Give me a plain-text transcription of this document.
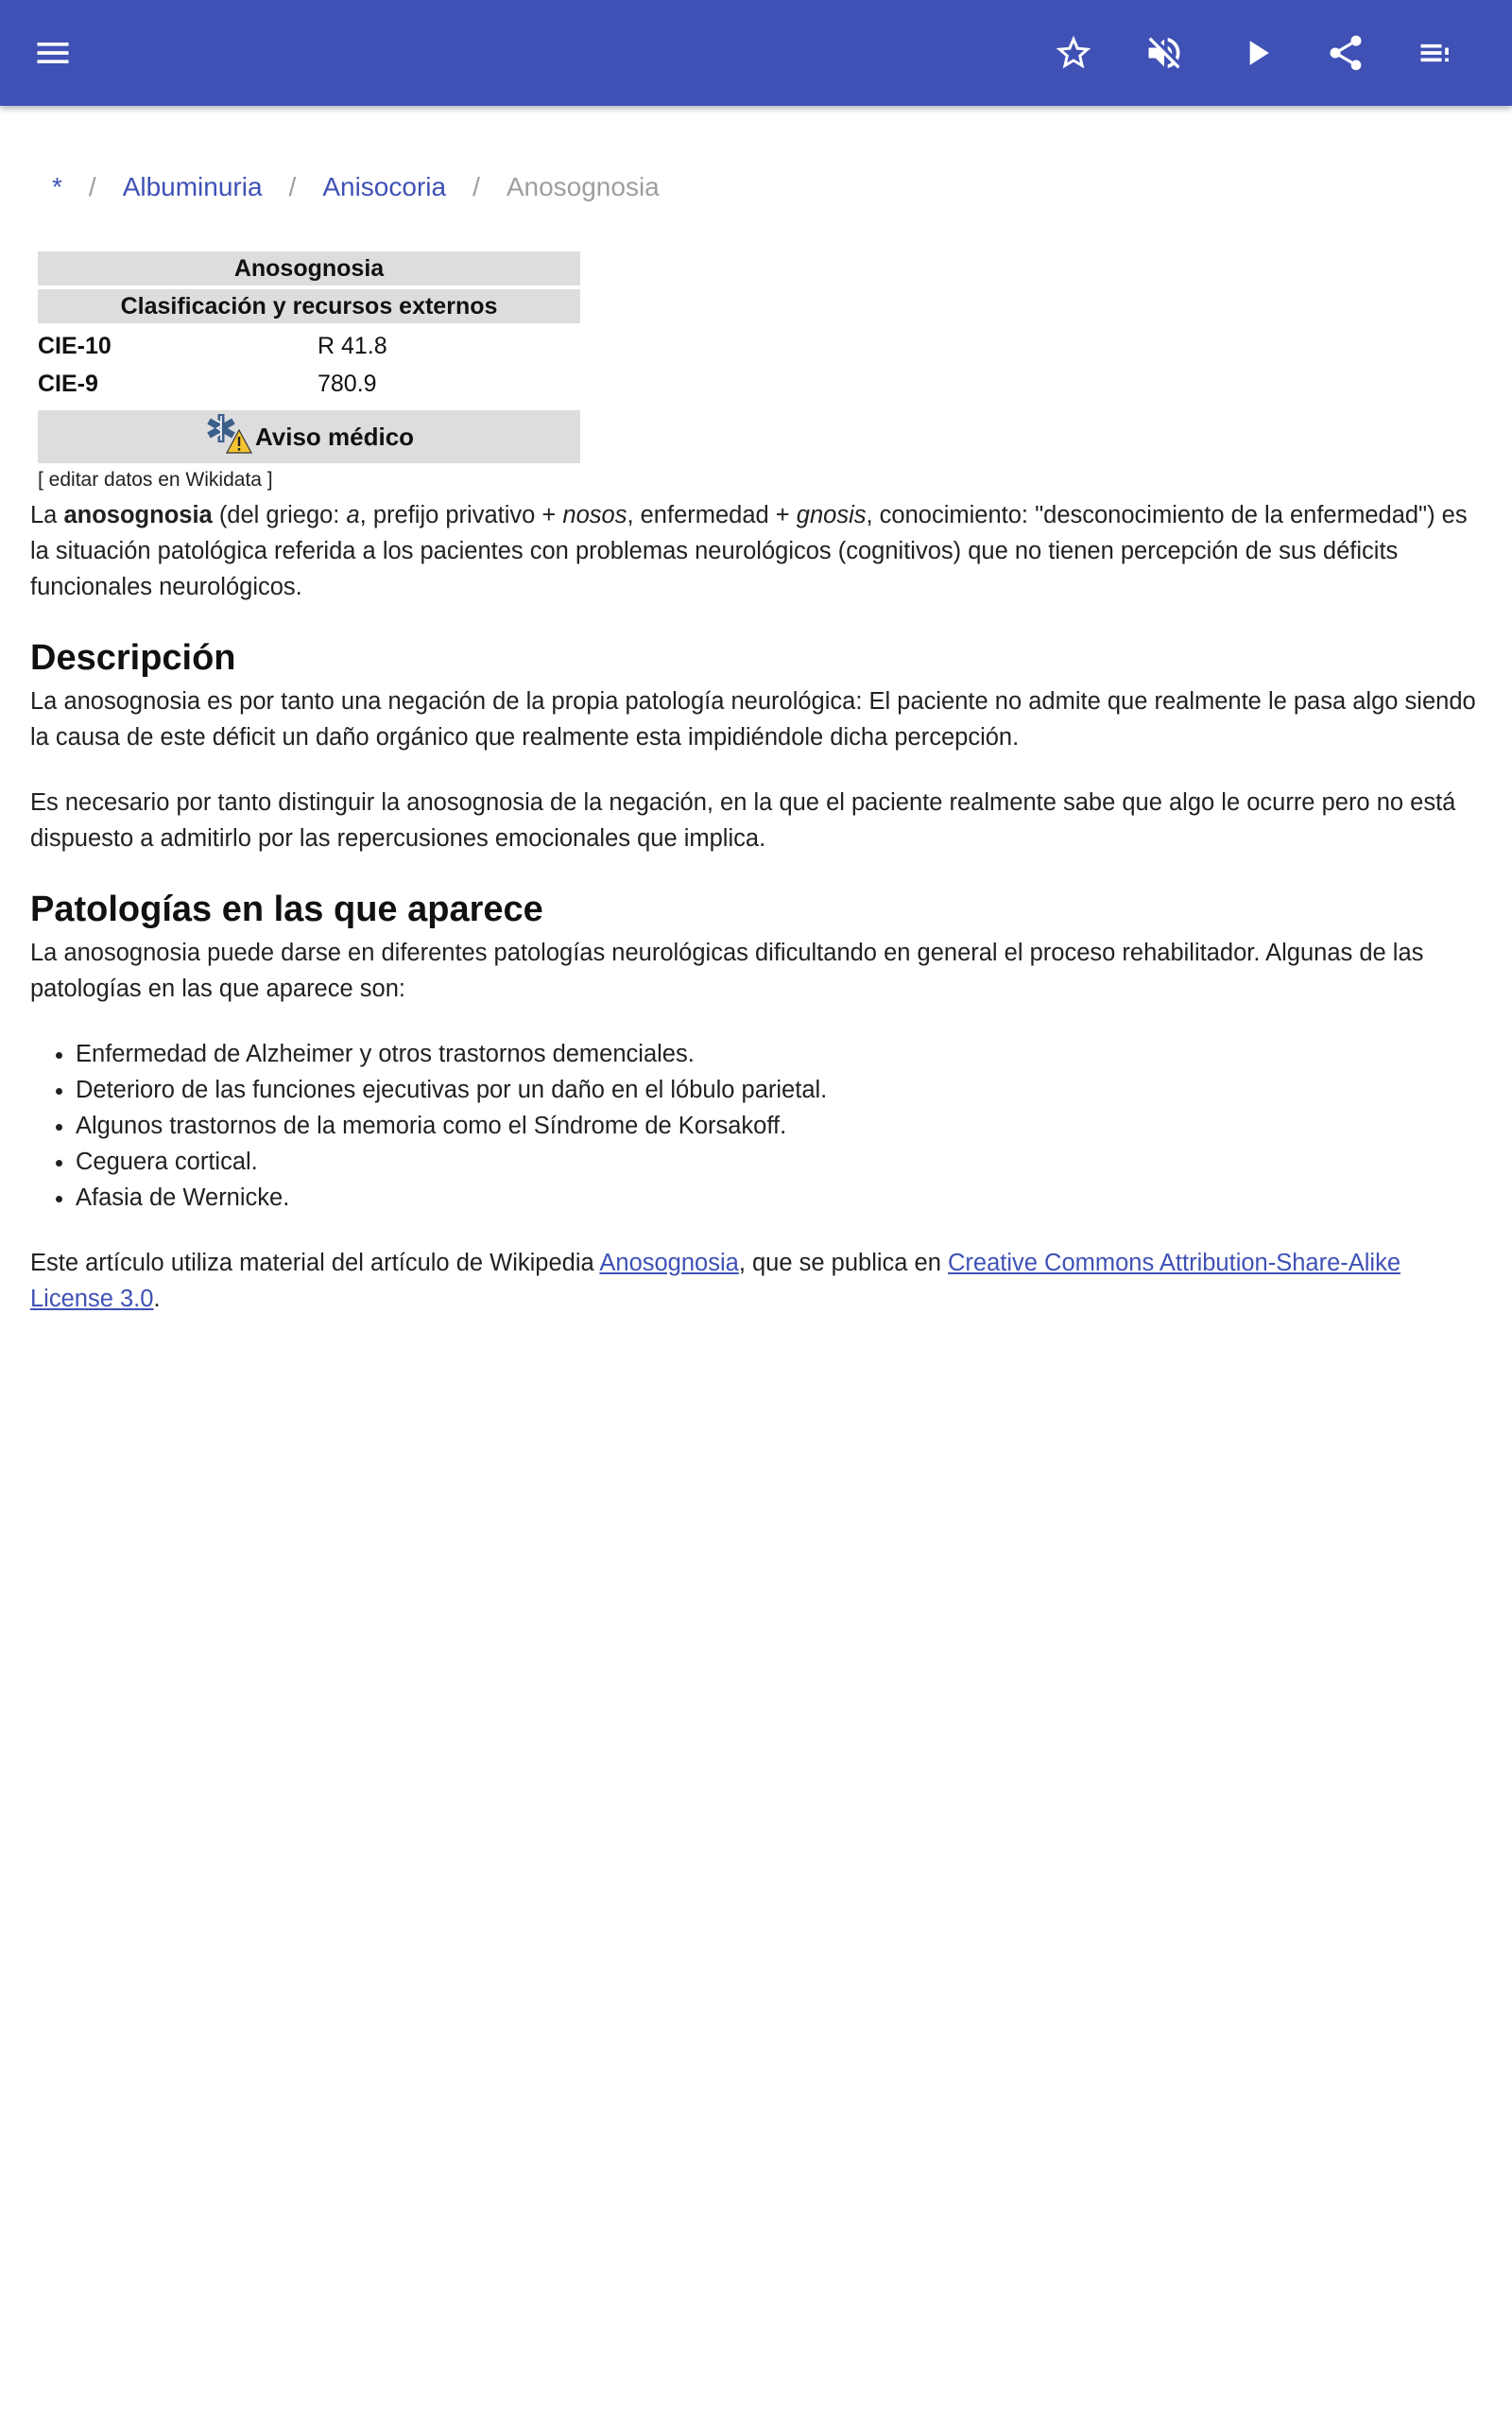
* / Albuminuria / Anisocoria / Anosognosia
Anosognosia
Clasificación y recursos externos
CIE-10	R 41.8
CIE-9	780.9
Aviso médico
[ editar datos en Wikidata ]

La anosognosia (del griego: a, prefijo privativo + nosos, enfermedad + gnosis, conocimiento: "desconocimiento de la enfermedad") es la situación patológica referida a los pacientes con problemas neurológicos (cognitivos) que no tienen percepción de sus déficits funcionales neurológicos.

Descripción

La anosognosia es por tanto una negación de la propia patología neurológica: El paciente no admite que realmente le pasa algo siendo la causa de este déficit un daño orgánico que realmente esta impidiéndole dicha percepción.

Es necesario por tanto distinguir la anosognosia de la negación, en la que el paciente realmente sabe que algo le ocurre pero no está dispuesto a admitirlo por las repercusiones emocionales que implica.

Patologías en las que aparece

La anosognosia puede darse en diferentes patologías neurológicas dificultando en general el proceso rehabilitador. Algunas de las patologías en las que aparece son:

• Enfermedad de Alzheimer y otros trastornos demenciales.
• Deterioro de las funciones ejecutivas por un daño en el lóbulo parietal.
• Algunos trastornos de la memoria como el Síndrome de Korsakoff.
• Ceguera cortical.
• Afasia de Wernicke.

Este artículo utiliza material del artículo de Wikipedia Anosognosia, que se publica en Creative Commons Attribution-Share-Alike License 3.0.
